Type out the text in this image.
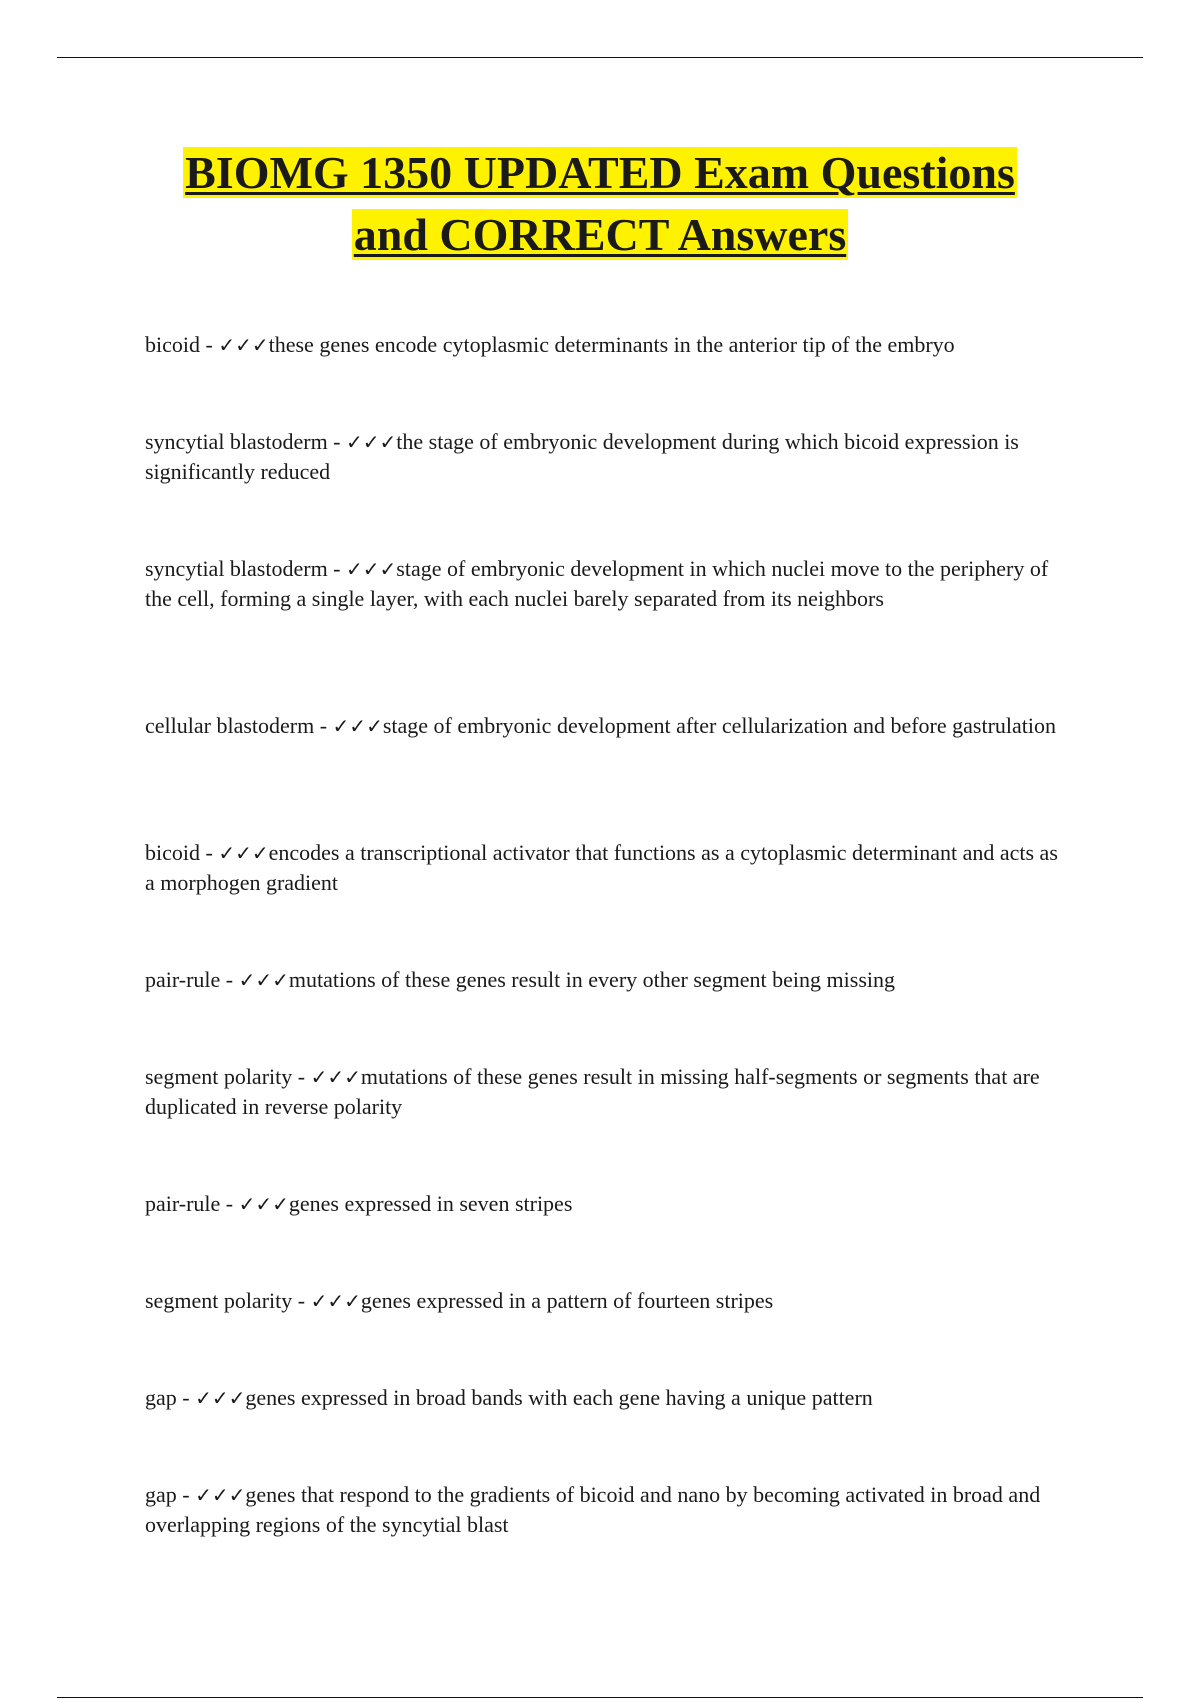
BIOMG 1350 UPDATED Exam Questions
and CORRECT Answers

bicoid - ✓✓✓these genes encode cytoplasmic determinants in the anterior tip of the embryo

syncytial blastoderm - ✓✓✓the stage of embryonic development during which bicoid expression is significantly reduced

syncytial blastoderm - ✓✓✓stage of embryonic development in which nuclei move to the periphery of the cell, forming a single layer, with each nuclei barely separated from its neighbors

cellular blastoderm - ✓✓✓stage of embryonic development after cellularization and before gastrulation

bicoid - ✓✓✓encodes a transcriptional activator that functions as a cytoplasmic determinant and acts as a morphogen gradient

pair-rule - ✓✓✓mutations of these genes result in every other segment being missing

segment polarity - ✓✓✓mutations of these genes result in missing half-segments or segments that are duplicated in reverse polarity

pair-rule - ✓✓✓genes expressed in seven stripes

segment polarity - ✓✓✓genes expressed in a pattern of fourteen stripes

gap - ✓✓✓genes expressed in broad bands with each gene having a unique pattern

gap - ✓✓✓genes that respond to the gradients of bicoid and nano by becoming activated in broad and overlapping regions of the syncytial blast
